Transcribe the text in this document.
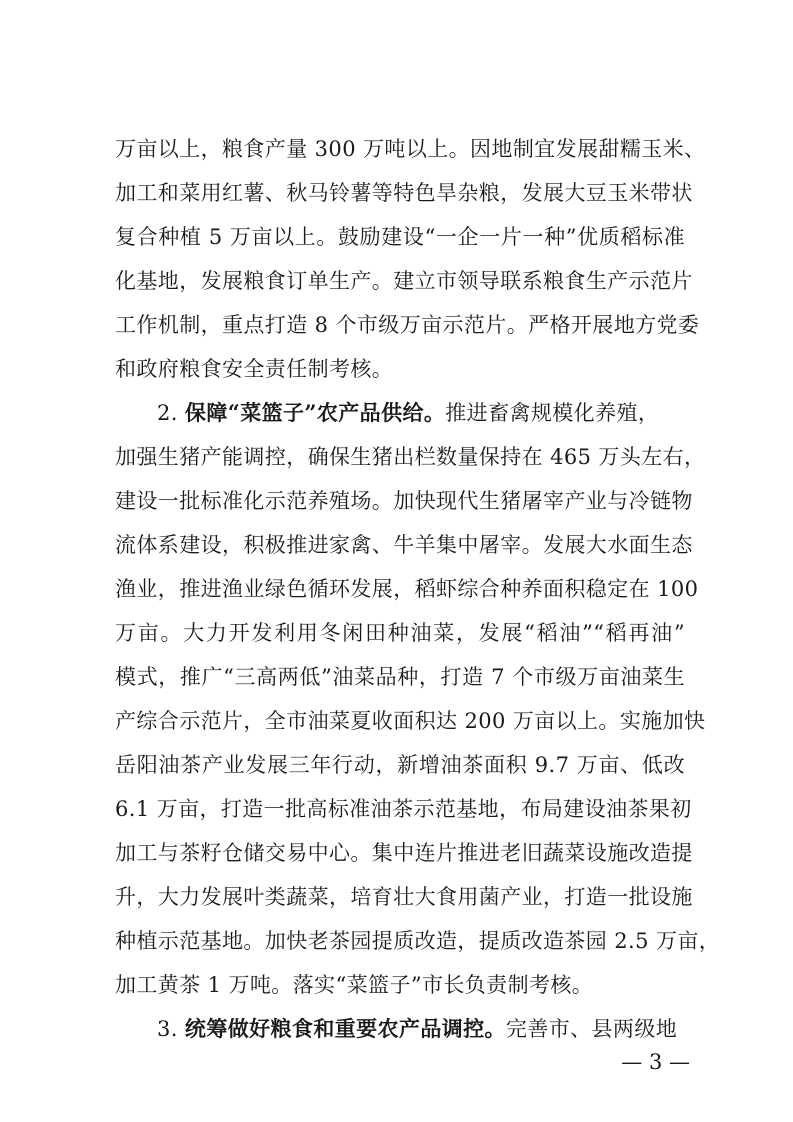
万亩以上，粮食产量 300 万吨以上。因地制宜发展甜糯玉米、
加工和菜用红薯、秋马铃薯等特色旱杂粮，发展大豆玉米带状
复合种植 5 万亩以上。鼓励建设“一企一片一种”优质稻标准
化基地，发展粮食订单生产。建立市领导联系粮食生产示范片
工作机制，重点打造 8 个市级万亩示范片。严格开展地方党委
和政府粮食安全责任制考核。
2. 保障“菜篮子”农产品供给。推进畜禽规模化养殖，
加强生猪产能调控，确保生猪出栏数量保持在 465 万头左右，
建设一批标准化示范养殖场。加快现代生猪屠宰产业与冷链物
流体系建设，积极推进家禽、牛羊集中屠宰。发展大水面生态
渔业，推进渔业绿色循环发展，稻虾综合种养面积稳定在 100
万亩。大力开发利用冬闲田种油菜，发展“稻油”“稻再油”
模式，推广“三高两低”油菜品种，打造 7 个市级万亩油菜生
产综合示范片，全市油菜夏收面积达 200 万亩以上。实施加快
岳阳油茶产业发展三年行动，新增油茶面积 9.7 万亩、低改
6.1 万亩，打造一批高标准油茶示范基地，布局建设油茶果初
加工与茶籽仓储交易中心。集中连片推进老旧蔬菜设施改造提
升，大力发展叶类蔬菜，培育壮大食用菌产业，打造一批设施
种植示范基地。加快老茶园提质改造，提质改造茶园 2.5 万亩，
加工黄茶 1 万吨。落实“菜篮子”市长负责制考核。
3. 统筹做好粮食和重要农产品调控。完善市、县两级地
— 3 —
